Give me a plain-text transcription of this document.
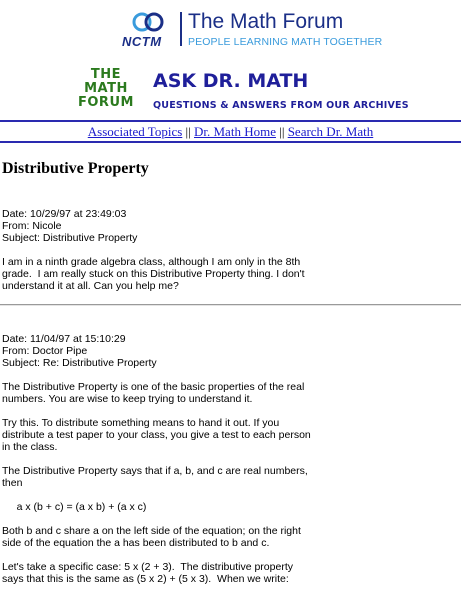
NCTM
The Math Forum
PEOPLE LEARNING MATH TOGETHER
THE
MATH
FORUM
ASK DR. MATH
QUESTIONS & ANSWERS FROM OUR ARCHIVES
Associated Topics || Dr. Math Home || Search Dr. Math
Distributive Property
Date: 10/29/97 at 23:49:03
From: Nicole
Subject: Distributive Property
I am in a ninth grade algebra class, although I am only in the 8th
grade.  I am really stuck on this Distributive Property thing. I don't
understand it at all. Can you help me?
Date: 11/04/97 at 15:10:29
From: Doctor Pipe
Subject: Re: Distributive Property
The Distributive Property is one of the basic properties of the real
numbers. You are wise to keep trying to understand it.
Try this. To distribute something means to hand it out. If you
distribute a test paper to your class, you give a test to each person
in the class.
The Distributive Property says that if a, b, and c are real numbers,
then
a x (b + c) = (a x b) + (a x c)
Both b and c share a on the left side of the equation; on the right
side of the equation the a has been distributed to b and c.
Let's take a specific case: 5 x (2 + 3).  The distributive property
says that this is the same as (5 x 2) + (5 x 3).  When we write:
